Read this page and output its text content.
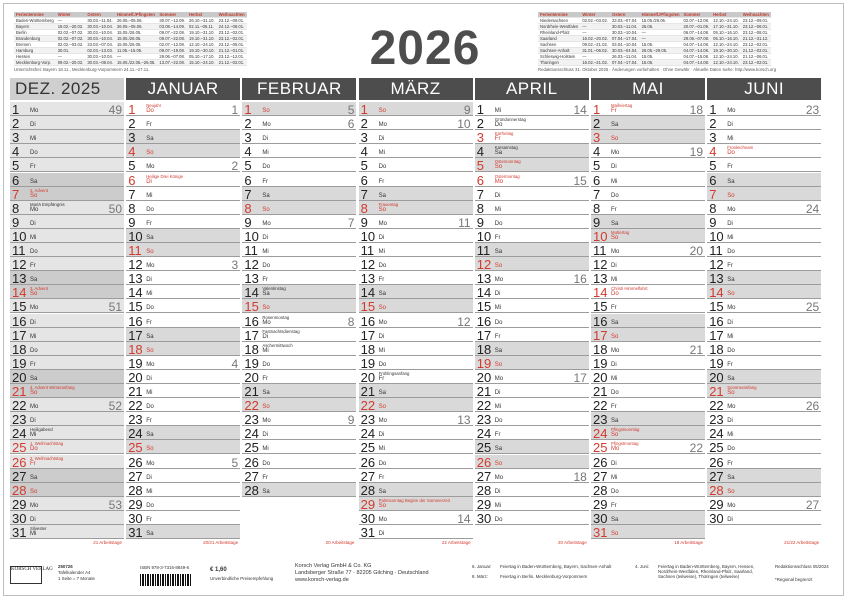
Ferientermine	Winter	Ostern	Himmelf./Pfingsten	Sommer	Herbst	Weihnachten
Baden-Württemberg	—	30.03.–11.04.	26.05.–05.06.	30.07.–12.09.	26.10.–31.10.	23.12.–09.01.
Bayern	16.02.–20.02.	30.03.–10.04.	26.05.–05.06.	03.08.–14.09.	02.11.–06.11.	24.12.–08.01.
Berlin	02.02.–07.02.	30.03.–10.04.	15.05./26.05.	09.07.–22.08.	19.10.–31.10.	23.12.–02.01.
Brandenburg	02.02.–07.02.	30.03.–10.04.	15.05./26.05.	09.07.–22.08.	19.10.–31.10.	23.12.–02.01.
Bremen	02.02.–03.02.	23.03.–07.04.	15.05./26.05.	02.07.–12.08.	12.10.–24.10.	23.12.–05.01.
Hamburg	30.01.	02.03.–13.03.	11.05.–15.05.	09.07.–19.08.	19.10.–30.10.	21.12.–01.01.
Hessen	—	30.03.–10.04.	—	29.06.–07.08.	05.10.–17.10.	23.12.–12.01.
Mecklenburg-Vorp.	09.02.–20.02.	30.03.–08.04.	15.05./22.05.–26.05.	13.07.–22.08.	15.10.–24.10.	21.12.–02.01.
Unterrichtsfrei: Bayern 18.11., Mecklenburg-Vorpommern 24.11.–27.11.	2026
Ferientermine	Winter	Ostern	Himmelf./Pfingsten	Sommer	Herbst	Weihnachten
Niedersachsen	02.02.–03.02.	23.03.–07.04.	15.05./26.05.	02.07.–12.08.	12.10.–24.10.	23.12.–09.01.
Nordrhein-Westfalen	—	30.03.–11.04.	26.05.	20.07.–01.09.	17.10.–31.10.	23.12.–06.01.
Rheinland-Pfalz	—	30.03.–10.04.	—	06.07.–14.08.	05.10.–16.10.	23.12.–08.01.
Saarland	16.02.–20.02.	07.04.–17.04.	—	29.06.–07.08.	05.10.–16.10.	21.12.–31.12.
Sachsen	09.02.–21.02.	03.04.–10.04.	15.05.	04.07.–14.08.	12.10.–24.10.	23.12.–02.01.
Sachsen-Anhalt	31.01.–06.02.	30.03.–04.04.	26.05.–29.05.	04.07.–14.08.	19.10.–30.10.	21.12.–02.01.
Schleswig-Holstein	—	26.03.–11.04.	15.05.	04.07.–15.08.	12.10.–24.10.	21.12.–06.01.
Thüringen	16.02.–21.02.	07.04.–17.04.	15.05.	04.07.–14.08.	12.10.–24.10.	23.12.–02.01.
Redaktionsschluss 31. Oktober 2025 · Änderungen vorbehalten · Ohne Gewähr · Aktuelle Daten siehe: http://www.korsch.org
DEZ. 2025
1 Mo	49
2 Di
3 Mi
4 Do
5 Fr
6 Sa
7 So
2. Advent
8 Mo
Mariä Empfängnis	50
9 Di
10 Mi
11 Do
12 Fr
13 Sa
14 So
3. Advent
15 Mo	51
16 Di
17 Mi
18 Do
19 Fr
20 Sa
21 So
4. Advent Winteranfang
22 Mo	52
23 Di
24 Mi
Heiligabend
25 Do
1. Weihnachtstag
26 Fr
2. Weihnachtstag
27 Sa
28 So
29 Mo	53
30 Di
31 Mi
Silvester
21 Arbeitstage
JANUAR
1 Do
Neujahr	1
2 Fr
3 Sa
4 So
5 Mo	2
6 Di
Heilige Drei Könige
7 Mi
8 Do
9 Fr
10 Sa
11 So
12 Mo	3
13 Di
14 Mi
15 Do
16 Fr
17 Sa
18 So
19 Mo	4
20 Di
21 Mi
22 Do
23 Fr
24 Sa
25 So
26 Mo	5
27 Di
28 Mi
29 Do
30 Fr
31 Sa
20/21 Arbeitstage
FEBRUAR
1 So	5
2 Mo	6
3 Di
4 Mi
5 Do
6 Fr
7 Sa
8 So
9 Mo	7
10 Di
11 Mi
12 Do
13 Fr
14 Sa
Valentinstag
15 So
16 Mo
Rosenmontag	8
17 Di
Fastnachtsdienstag
18 Mi
Aschermittwoch
19 Do
20 Fr
21 Sa
22 So
23 Mo	9
24 Di
25 Mi
26 Do
27 Fr
28 Sa
20 Arbeitstage
MÄRZ
1 So	9
2 Mo	10
3 Di
4 Mi
5 Do
6 Fr
7 Sa
8 So
Frauentag
9 Mo	11
10 Di
11 Mi
12 Do
13 Fr
14 Sa
15 So
16 Mo	12
17 Di
18 Mi
19 Do
20 Fr
Frühlingsanfang
21 Sa
22 So
23 Mo	13
24 Di
25 Mi
26 Do
27 Fr
28 Sa
29 So
Palmsonntag Beginn der Sommerzeit
30 Mo	14
31 Di
22 Arbeitstage
APRIL
1 Mi	14
2 Do
Gründonnerstag
3 Fr
Karfreitag
4 Sa
Karsamstag
5 So
Ostersonntag
6 Mo
Ostermontag	15
7 Di
8 Mi
9 Do
10 Fr
11 Sa
12 So
13 Mo	16
14 Di
15 Mi
16 Do
17 Fr
18 Sa
19 So
20 Mo	17
21 Di
22 Mi
23 Do
24 Fr
25 Sa
26 So
27 Mo	18
28 Di
29 Mi
30 Do
20 Arbeitstage
MAI
1 Fr
Maifeiertag	18
2 Sa
3 So
4 Mo	19
5 Di
6 Mi
7 Do
8 Fr
9 Sa
10 So
Muttertag
11 Mo	20
12 Di
13 Mi
14 Do
Christi Himmelfahrt
15 Fr
16 Sa
17 So
18 Mo	21
19 Di
20 Mi
21 Do
22 Fr
23 Sa
24 So
Pfingstsonntag
25 Mo
Pfingstmontag	22
26 Di
27 Mi
28 Do
29 Fr
30 Sa
31 So
18 Arbeitstage
JUNI
1 Mo	23
2 Di
3 Mi
4 Do
Fronleichnam
5 Fr
6 Sa
7 So
8 Mo	24
9 Di
10 Mi
11 Do
12 Fr
13 Sa
14 So
15 Mo	25
16 Di
17 Mi
18 Do
19 Fr
20 Sa
21 So
Sommeranfang
22 Mo	26
23 Di
24 Mi
25 Do
26 Fr
27 Sa
28 So
29 Mo	27
30 Di
21/22 Arbeitstage
KORSCH VERLAG
250726
Tafelkalender A4
1 Seite = 7 Monate
ISBN 978-3-7316-8849-6	€ 1,60
Unverbindliche Preisempfehlung
Korsch Verlag GmbH & Co. KG
Landsberger Straße 77 · 82205 Gilching · Deutschland
www.korsch-verlag.de
6. Januar: Feiertag in Baden-Württemberg, Bayern, Sachsen-Anhalt
8. März:	Feiertag in Berlin, Mecklenburg-Vorpommern
4. Juni: Feiertag in Baden-Württemberg, Bayern, Hessen, Nordrhein-Westfalen, Rheinland-Pfalz, Saarland, Sachsen (teilweise), Thüringen (teilweise)
Redaktionsschluss 05/2024
*Regional begrenzt
